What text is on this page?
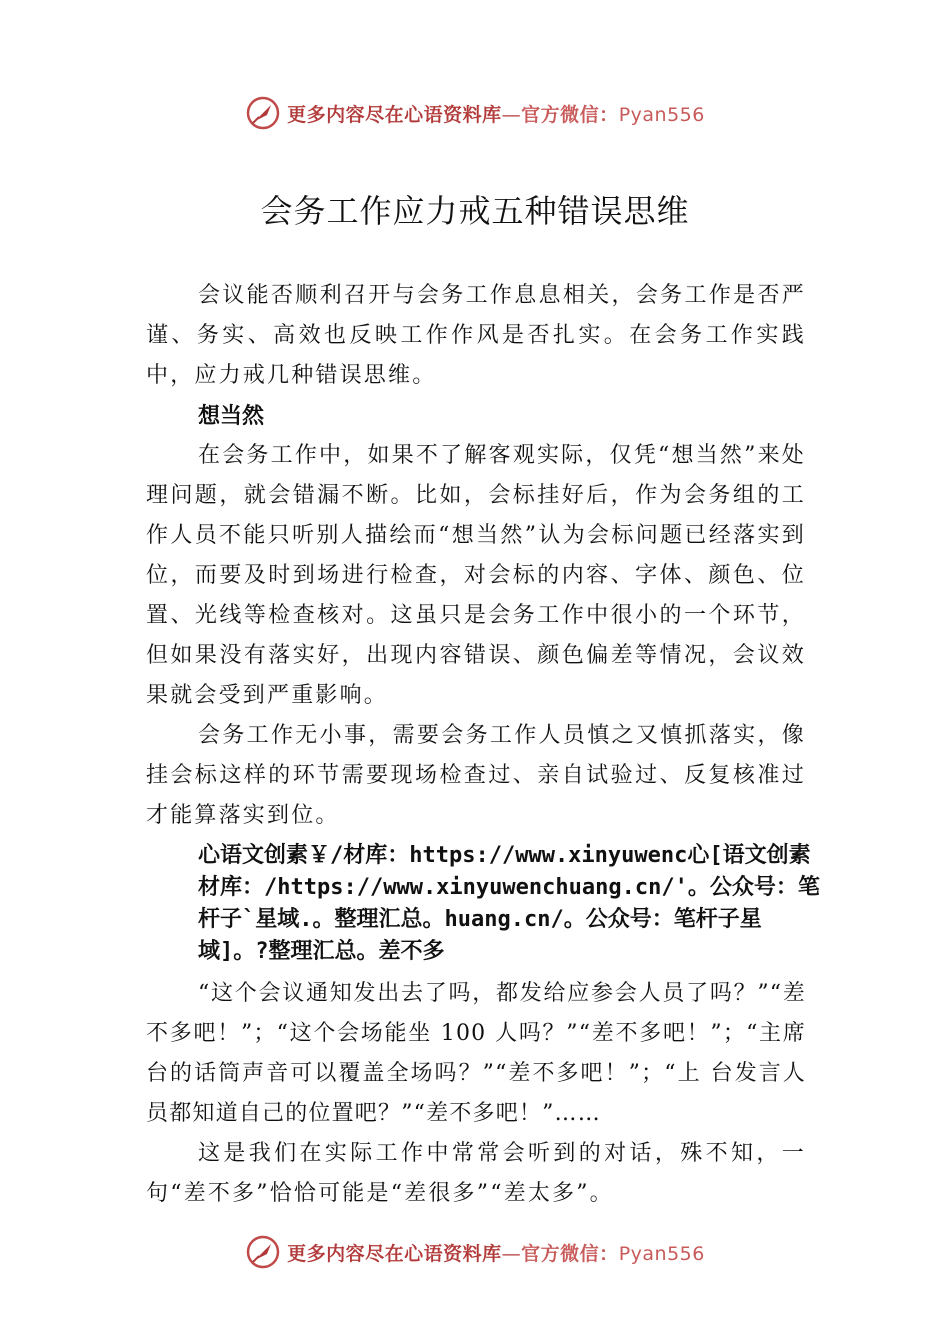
更多内容尽在心语资料库—官方微信：Pyan556
会务工作应力戒五种错误思维

会议能否顺利召开与会务工作息息相关，会务工作是否严谨、务实、高效也反映工作作风是否扎实。在会务工作实践中，应力戒几种错误思维。

想当然

在会务工作中，如果不了解客观实际，仅凭“想当然”来处理问题，就会错漏不断。比如，会标挂好后，作为会务组的工作人员不能只听别人描绘而“想当然”认为会标问题已经落实到位，而要及时到场进行检查，对会标的内容、字体、颜色、位置、光线等检查核对。这虽只是会务工作中很小的一个环节，但如果没有落实好，出现内容错误、颜色偏差等情况，会议效果就会受到严重影响。

会务工作无小事，需要会务工作人员慎之又慎抓落实，像挂会标这样的环节需要现场检查过、亲自试验过、反复核准过才能算落实到位。

心语文创素￥/材库：https://www.xinyuwenc心[语文创素材库：/https://www.xinyuwenchuang.cn/'。公众号：笔杆子`星域.。整理汇总。huang.cn/。公众号：笔杆子星域]。?整理汇总。差不多

“这个会议通知发出去了吗，都发给应参会人员了吗？”“差不多吧！”；“这个会场能坐 100 人吗？”“差不多吧！”；“主席台的话筒声音可以覆盖全场吗？”“差不多吧！”；“上 台发言人员都知道自己的位置吧？”“差不多吧！”……

这是我们在实际工作中常常会听到的对话，殊不知，一句“差不多”恰恰可能是“差很多”“差太多”。

更多内容尽在心语资料库—官方微信：Pyan556
